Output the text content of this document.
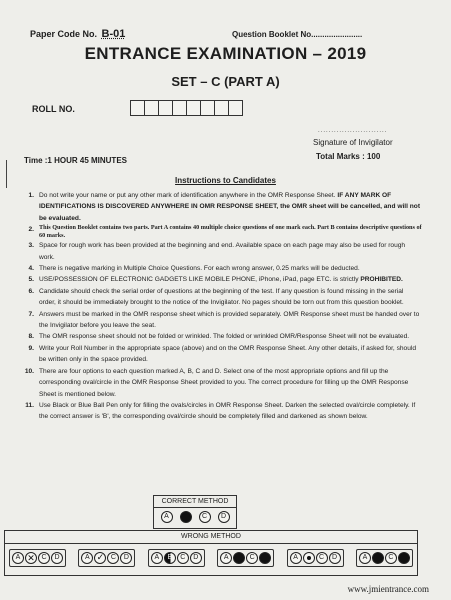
Paper Code No. B-01	Question Booklet No.......................
ENTRANCE EXAMINATION – 2019
SET – C (PART A)
ROLL NO.
..........................
Signature of Invigilator
Total Marks : 100
Time :1 HOUR 45 MINUTES
Instructions to Candidates
1. Do not write your name or put any other mark of identification anywhere in the OMR Response Sheet. IF ANY MARK OF IDENTIFICATIONS IS DISCOVERED ANYWHERE IN OMR RESPONSE SHEET, the OMR sheet will be cancelled, and will not be evaluated.
2. This Question Booklet contains two parts. Part A contains 40 multiple choice questions of one mark each. Part B contains descriptive questions of 60 marks.
3. Space for rough work has been provided at the beginning and end. Available space on each page may also be used for rough work.
4. There is negative marking in Multiple Choice Questions. For each wrong answer, 0.25 marks will be deducted.
5. USE/POSSESSION OF ELECTRONIC GADGETS LIKE MOBILE PHONE, iPhone, iPad, page ETC. is strictly PROHIBITED.
6. Candidate should check the serial order of questions at the beginning of the test. If any question is found missing in the serial order, it should be immediately brought to the notice of the Invigilator. No pages should be torn out from this question booklet.
7. Answers must be marked in the OMR response sheet which is provided separately. OMR Response sheet must be handed over to the Invigilator before you leave the seat.
8. The OMR response sheet should not be folded or wrinkled. The folded or wrinkled OMR/Response Sheet will not be evaluated.
9. Write your Roll Number in the appropriate space (above) and on the OMR Response Sheet. Any other details, if asked for, should be written only in the space provided.
10. There are four options to each question marked A, B, C and D. Select one of the most appropriate options and fill up the corresponding oval/circle in the OMR Response Sheet provided to you. The correct procedure for filling up the OMR Response Sheet is mentioned below.
11. Use Black or Blue Ball Pen only for filling the ovals/circles in OMR Response Sheet. Darken the selected oval/circle completely. If the correct answer is 'B', the corresponding oval/circle should be completely filled and darkened as shown below.
CORRECT METHOD
A	C	D
WRONG METHOD
A ✕	C	D	A ✓	C	D	A	B	C	D	A	C	A	C	D	A	C
www.jmientrance.com
